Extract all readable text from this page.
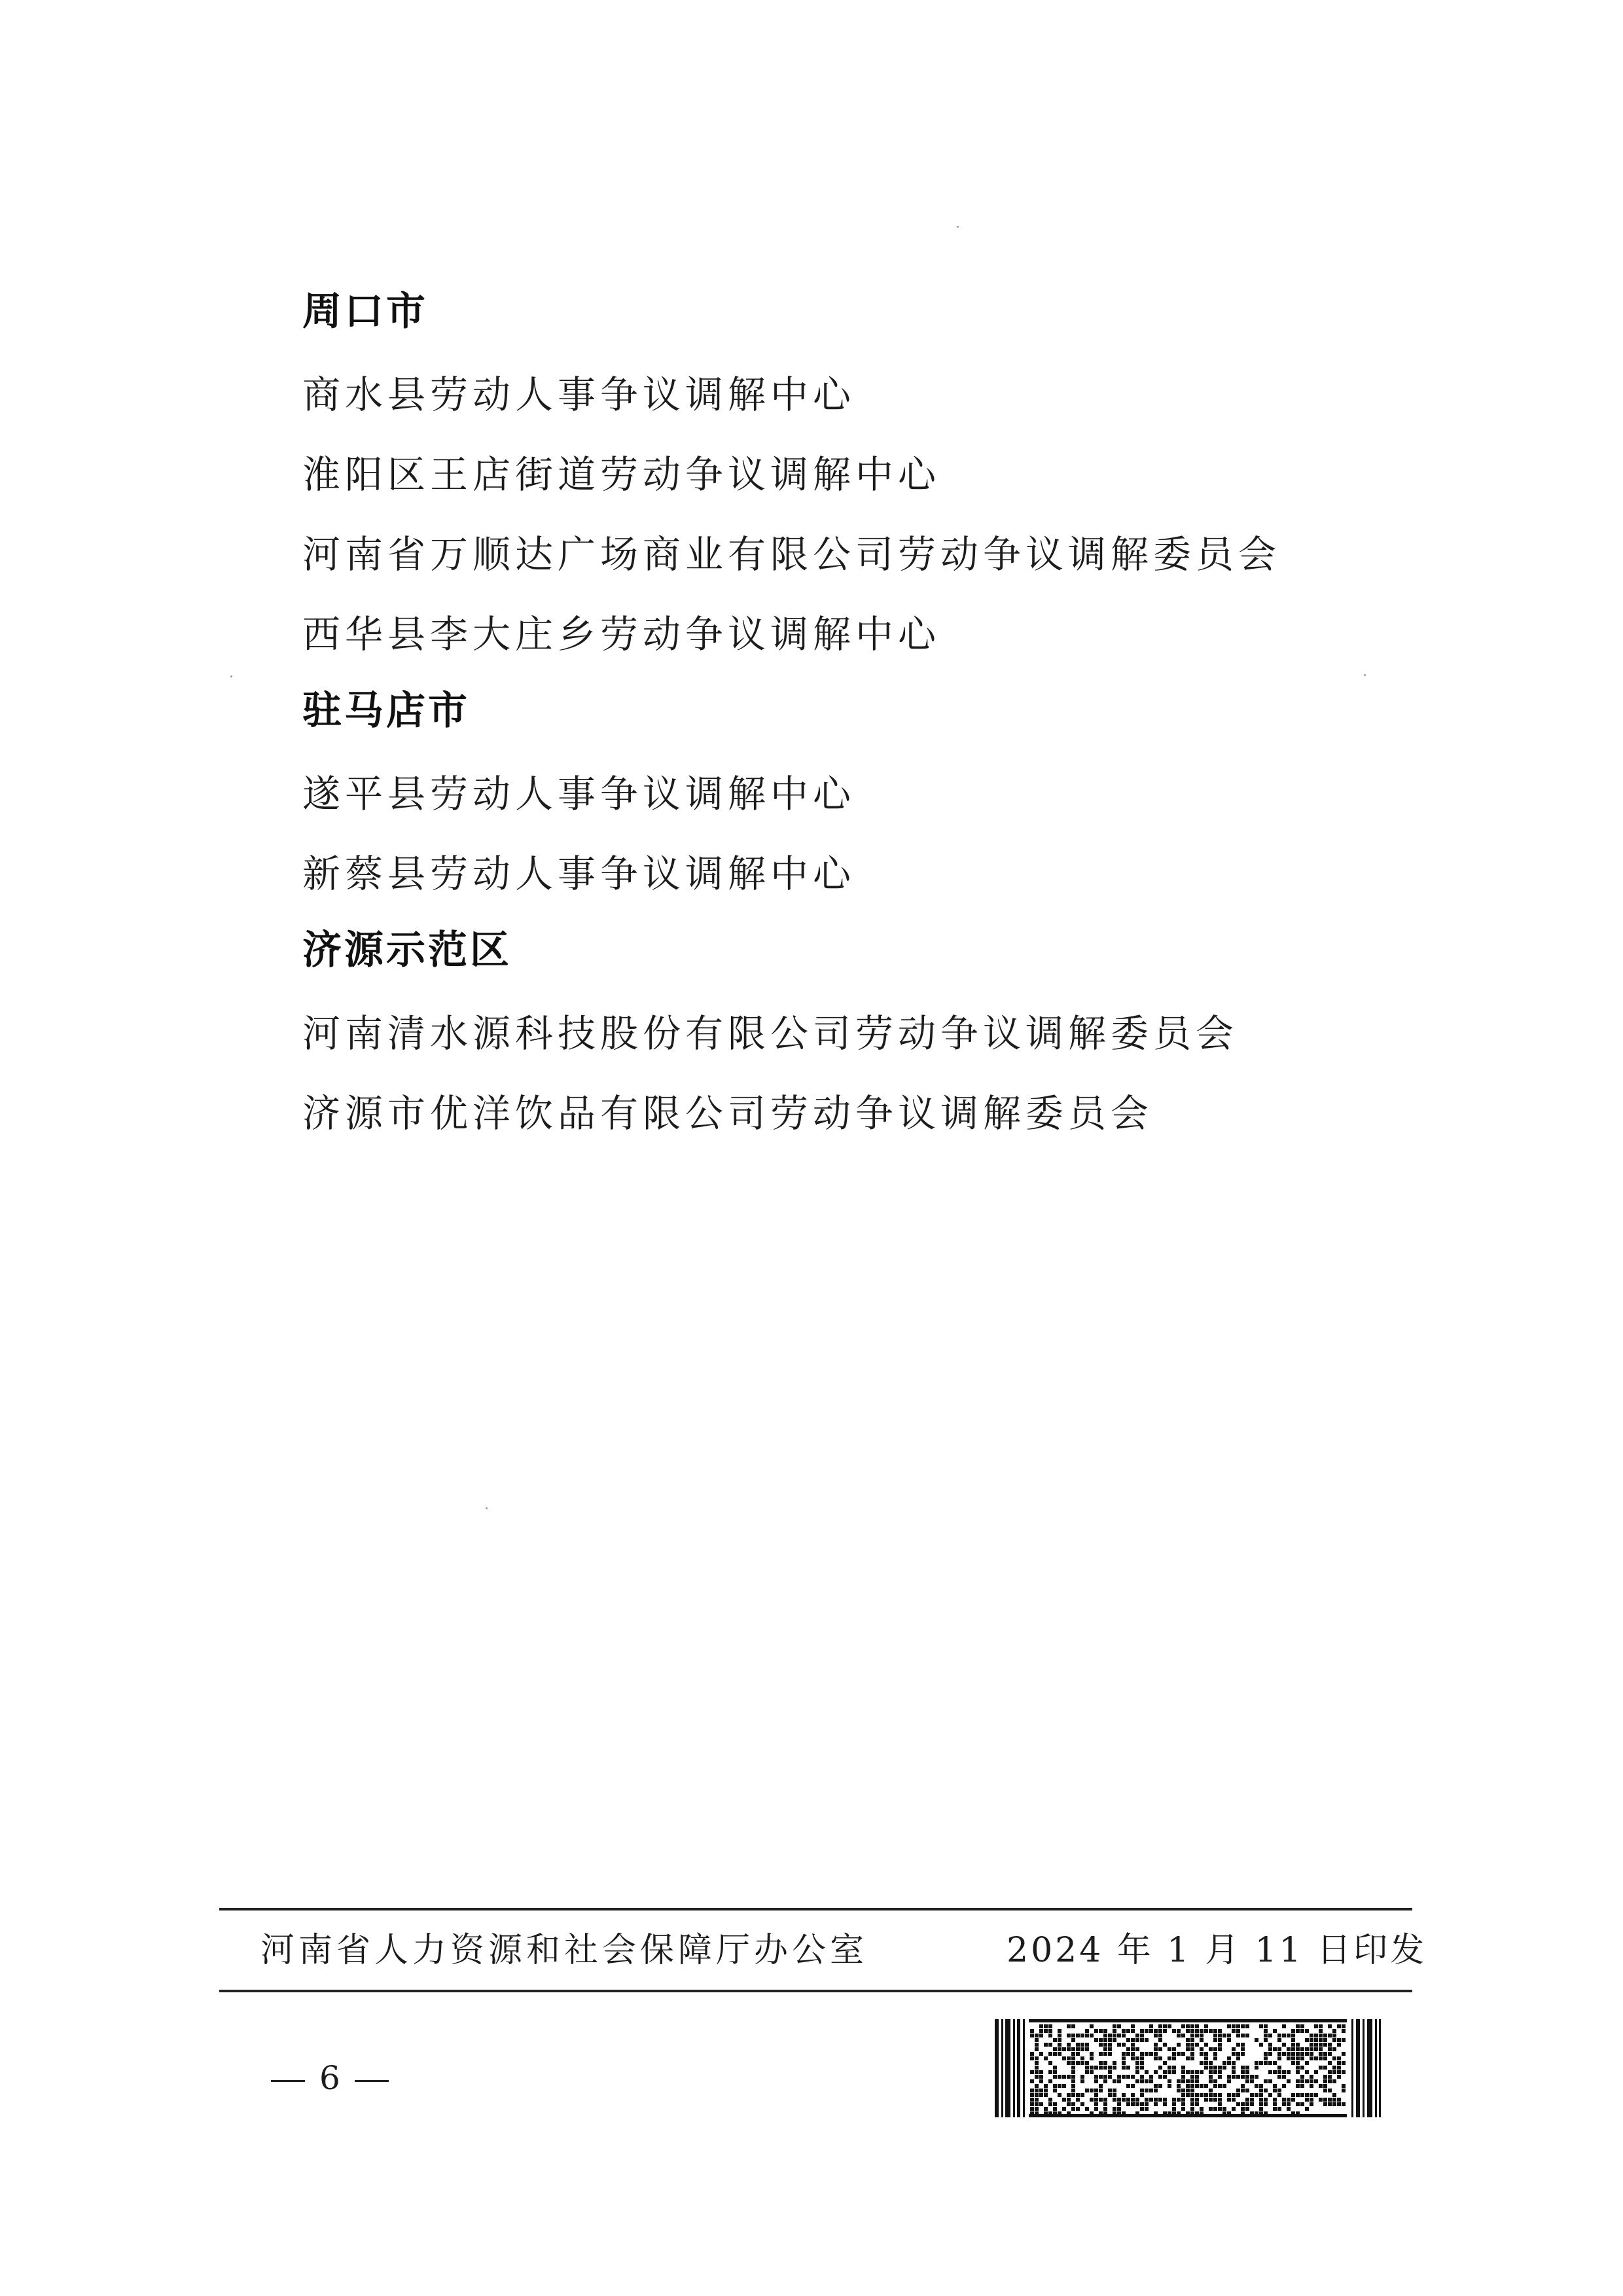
周口市
商水县劳动人事争议调解中心
淮阳区王店街道劳动争议调解中心
河南省万顺达广场商业有限公司劳动争议调解委员会
西华县李大庄乡劳动争议调解中心
驻马店市
遂平县劳动人事争议调解中心
新蔡县劳动人事争议调解中心
济源示范区
河南清水源科技股份有限公司劳动争议调解委员会
济源市优洋饮品有限公司劳动争议调解委员会
河南省人力资源和社会保障厅办公室	2024 年 1 月 11 日印发
6
